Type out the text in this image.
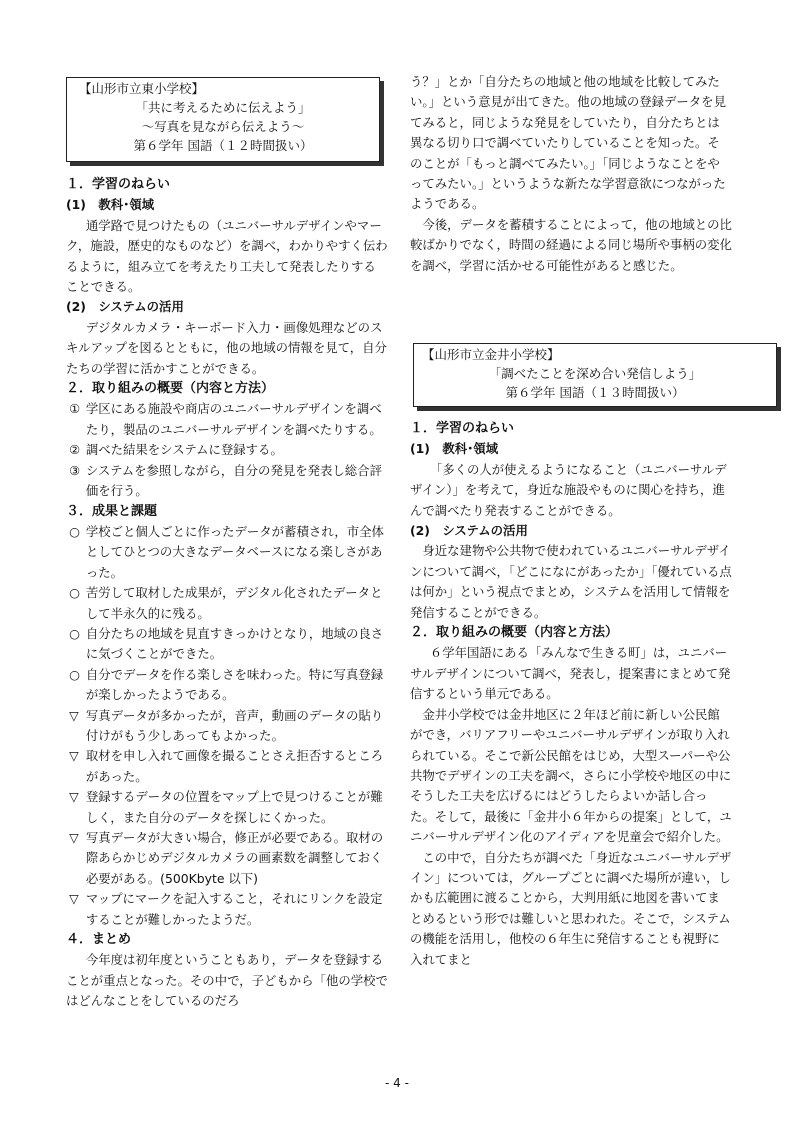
【山形市立東小学校】
「共に考えるために伝えよう」
〜写真を見ながら伝えよう〜
第６学年 国語（１２時間扱い）
１．学習のねらい
(1)　教科･領域

通学路で見つけたもの（ユニバーサルデザインやマーク，施設，歴史的なものなど）を調べ，わかりやすく伝わるように，組み立てを考えたり工夫して発表したりすることできる。

(2)　システムの活用

デジタルカメラ・キーボード入力・画像処理などのスキルアップを図るとともに，他の地域の情報を見て，自分たちの学習に活かすことができる。

２．取り組みの概要（内容と方法）
① 学区にある施設や商店のユニバーサルデザインを調べたり，製品のユニバーサルデザインを調べたりする。
② 調べた結果をシステムに登録する。
③ システムを参照しながら，自分の発見を発表し総合評価を行う。
３．成果と課題
○ 学校ごと個人ごとに作ったデータが蓄積され，市全体としてひとつの大きなデータベースになる楽しさがあった。
○ 苦労して取材した成果が，デジタル化されたデータとして半永久的に残る。
○ 自分たちの地域を見直すきっかけとなり，地域の良さに気づくことができた。
○ 自分でデータを作る楽しさを味わった。特に写真登録が楽しかったようである。
▽ 写真データが多かったが，音声，動画のデータの貼り付けがもう少しあってもよかった。
▽ 取材を申し入れて画像を撮ることさえ拒否するところがあった。
▽ 登録するデータの位置をマップ上で見つけることが難しく，また自分のデータを探しにくかった。
▽ 写真データが大きい場合，修正が必要である。取材の際あらかじめデジタルカメラの画素数を調整しておく必要がある。(500Kbyte 以下)
▽ マップにマークを記入すること，それにリンクを設定することが難しかったようだ。
４．まとめ

今年度は初年度ということもあり，データを登録することが重点となった。その中で，子どもから「他の学校ではどんなことをしているのだろ

う？」とか「自分たちの地域と他の地域を比較してみたい。」という意見が出てきた。他の地域の登録データを見てみると，同じような発見をしていたり，自分たちとは異なる切り口で調べていたりしていることを知った。そのことが「もっと調べてみたい。」「同じようなことをやってみたい。」というような新たな学習意欲につながったようである。

今後，データを蓄積することによって，他の地域との比較ばかりでなく，時間の経過による同じ場所や事柄の変化を調べ，学習に活かせる可能性があると感じた。

【山形市立金井小学校】
「調べたことを深め合い発信しよう」
第６学年 国語（１３時間扱い）
１．学習のねらい
(1)　教科･領域

「多くの人が使えるようになること（ユニバーサルデザイン）」を考えて，身近な施設やものに関心を持ち，進んで調べたり発表することができる。

(2)　システムの活用

身近な建物や公共物で使われているユニバーサルデザインについて調べ，「どこになにがあったか」「優れている点は何か」という視点でまとめ，システムを活用して情報を発信することができる。

２．取り組みの概要（内容と方法）

６学年国語にある「みんなで生きる町」は，ユニバーサルデザインについて調べ，発表し，提案書にまとめて発信するという単元である。

金井小学校では金井地区に２年ほど前に新しい公民館ができ，バリアフリーやユニバーサルデザインが取り入れられている。そこで新公民館をはじめ，大型スーパーや公共物でデザインの工夫を調べ，さらに小学校や地区の中にそうした工夫を広げるにはどうしたらよいか話し合った。そして，最後に「金井小６年からの提案」として，ユニバーサルデザイン化のアイディアを児童会で紹介した。

この中で，自分たちが調べた「身近なユニバーサルデザイン」については，グループごとに調べた場所が違い，しかも広範囲に渡ることから，大判用紙に地図を書いてまとめるという形では難しいと思われた。そこで，システムの機能を活用し，他校の６年生に発信することも視野に入れてまと

- 4 -
